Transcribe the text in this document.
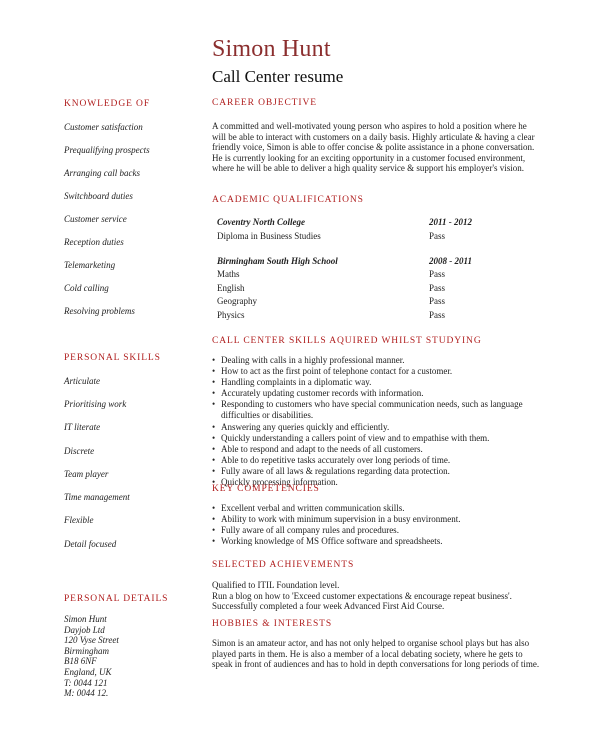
Simon Hunt
Call Center resume
KNOWLEDGE OF
Customer satisfaction
Prequalifying prospects
Arranging call backs
Switchboard duties
Customer service
Reception duties
Telemarketing
Cold calling
Resolving problems
PERSONAL SKILLS
Articulate
Prioritising work
IT literate
Discrete
Team player
Time management
Flexible
Detail focused
PERSONAL DETAILS
Simon Hunt
Dayjob Ltd
120 Vyse Street
Birmingham
B18 6NF
England, UK
T: 0044 121
M: 0044 12.
CAREER OBJECTIVE
A committed and well-motivated young person who aspires to hold a position where he will be able to interact with customers on a daily basis. Highly articulate & having a clear friendly voice, Simon is able to offer concise & polite assistance in a phone conversation. He is currently looking for an exciting opportunity in a customer focused environment, where he will be able to deliver a high quality service & support his employer's vision.
ACADEMIC QUALIFICATIONS
Coventry North College	2011 - 2012
Diploma in Business Studies	Pass
Birmingham South High School	2008 - 2011
Maths	Pass
English	Pass
Geography	Pass
Physics	Pass
CALL CENTER SKILLS AQUIRED WHILST STUDYING
• Dealing with calls in a highly professional manner.
• How to act as the first point of telephone contact for a customer.
• Handling complaints in a diplomatic way.
• Accurately updating customer records with information.
• Responding to customers who have special communication needs, such as language difficulties or disabilities.
• Answering any queries quickly and efficiently.
• Quickly understanding a callers point of view and to empathise with them.
• Able to respond and adapt to the needs of all customers.
• Able to do repetitive tasks accurately over long periods of time.
• Fully aware of all laws & regulations regarding data protection.
• Quickly processing information.
KEY COMPETENCIES
• Excellent verbal and written communication skills.
• Ability to work with minimum supervision in a busy environment.
• Fully aware of all company rules and procedures.
• Working knowledge of MS Office software and spreadsheets.
SELECTED ACHIEVEMENTS
Qualified to ITIL Foundation level.
Run a blog on how to 'Exceed customer expectations & encourage repeat business'.
Successfully completed a four week Advanced First Aid Course.
HOBBIES & INTERESTS
Simon is an amateur actor, and has not only helped to organise school plays but has also played parts in them. He is also a member of a local debating society, where he gets to speak in front of audiences and has to hold in depth conversations for long periods of time.
